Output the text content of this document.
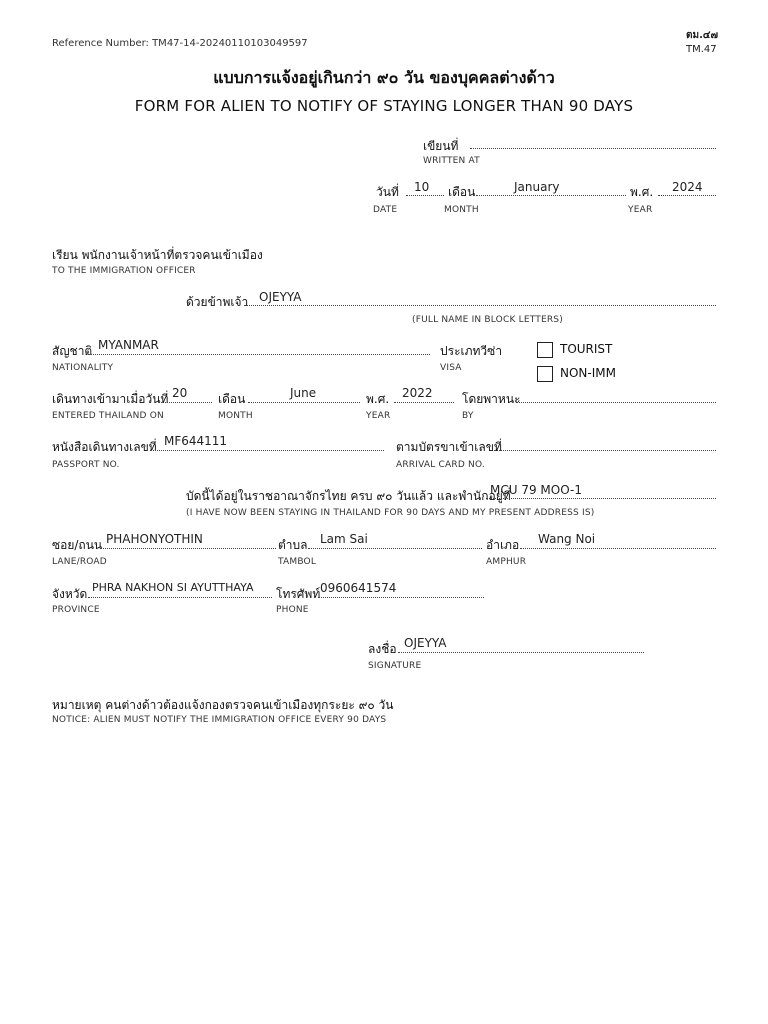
Reference Number: TM47-14-20240110103049597
ตม.๔๗
TM.47
แบบการแจ้งอยู่เกินกว่า ๙๐ วัน ของบุคคลต่างด้าว
FORM FOR ALIEN TO NOTIFY OF STAYING LONGER THAN 90 DAYS
เขียนที่
WRITTEN AT
วันที่ 10 เดือน	January	พ.ศ. 2024
DATE	MONTH	YEAR
เรียน พนักงานเจ้าหน้าที่ตรวจคนเข้าเมือง
TO THE IMMIGRATION OFFICER
ด้วยข้าพเจ้า OJEYYA
(FULL NAME IN BLOCK LETTERS)
สัญชาติ MYANMAR
NATIONALITY
ประเภทวีซ่า
VISA
TOURIST
NON-IMM
เดินทางเข้ามาเมื่อวันที่ 20	เดือน	June	พ.ศ. 2022 โดยพาหนะ
ENTERED THAILAND ON	MONTH	YEAR	BY
หนังสือเดินทางเลขที่ MF644111
PASSPORT NO.
ตามบัตรขาเข้าเลขที่
ARRIVAL CARD NO.
บัดนี้ได้อยู่ในราชอาณาจักรไทย ครบ ๙๐ วันแล้ว และพำนักอยู่ที่
MCU 79 MOO-1
(I HAVE NOW BEEN STAYING IN THAILAND FOR 90 DAYS AND MY PRESENT ADDRESS IS)
ซอย/ถนน PHAHONYOTHIN
LANE/ROAD
ตำบล Lam Sai
TAMBOL
อำเภอ Wang Noi
AMPHUR
จังหวัด PHRA NAKHON SI AYUTTHAYA
PROVINCE
โทรศัพท์ 0960641574
PHONE
ลงชื่อ OJEYYA
SIGNATURE
หมายเหตุ คนต่างด้าวต้องแจ้งกองตรวจคนเข้าเมืองทุกระยะ ๙๐ วัน
NOTICE: ALIEN MUST NOTIFY THE IMMIGRATION OFFICE EVERY 90 DAYS
